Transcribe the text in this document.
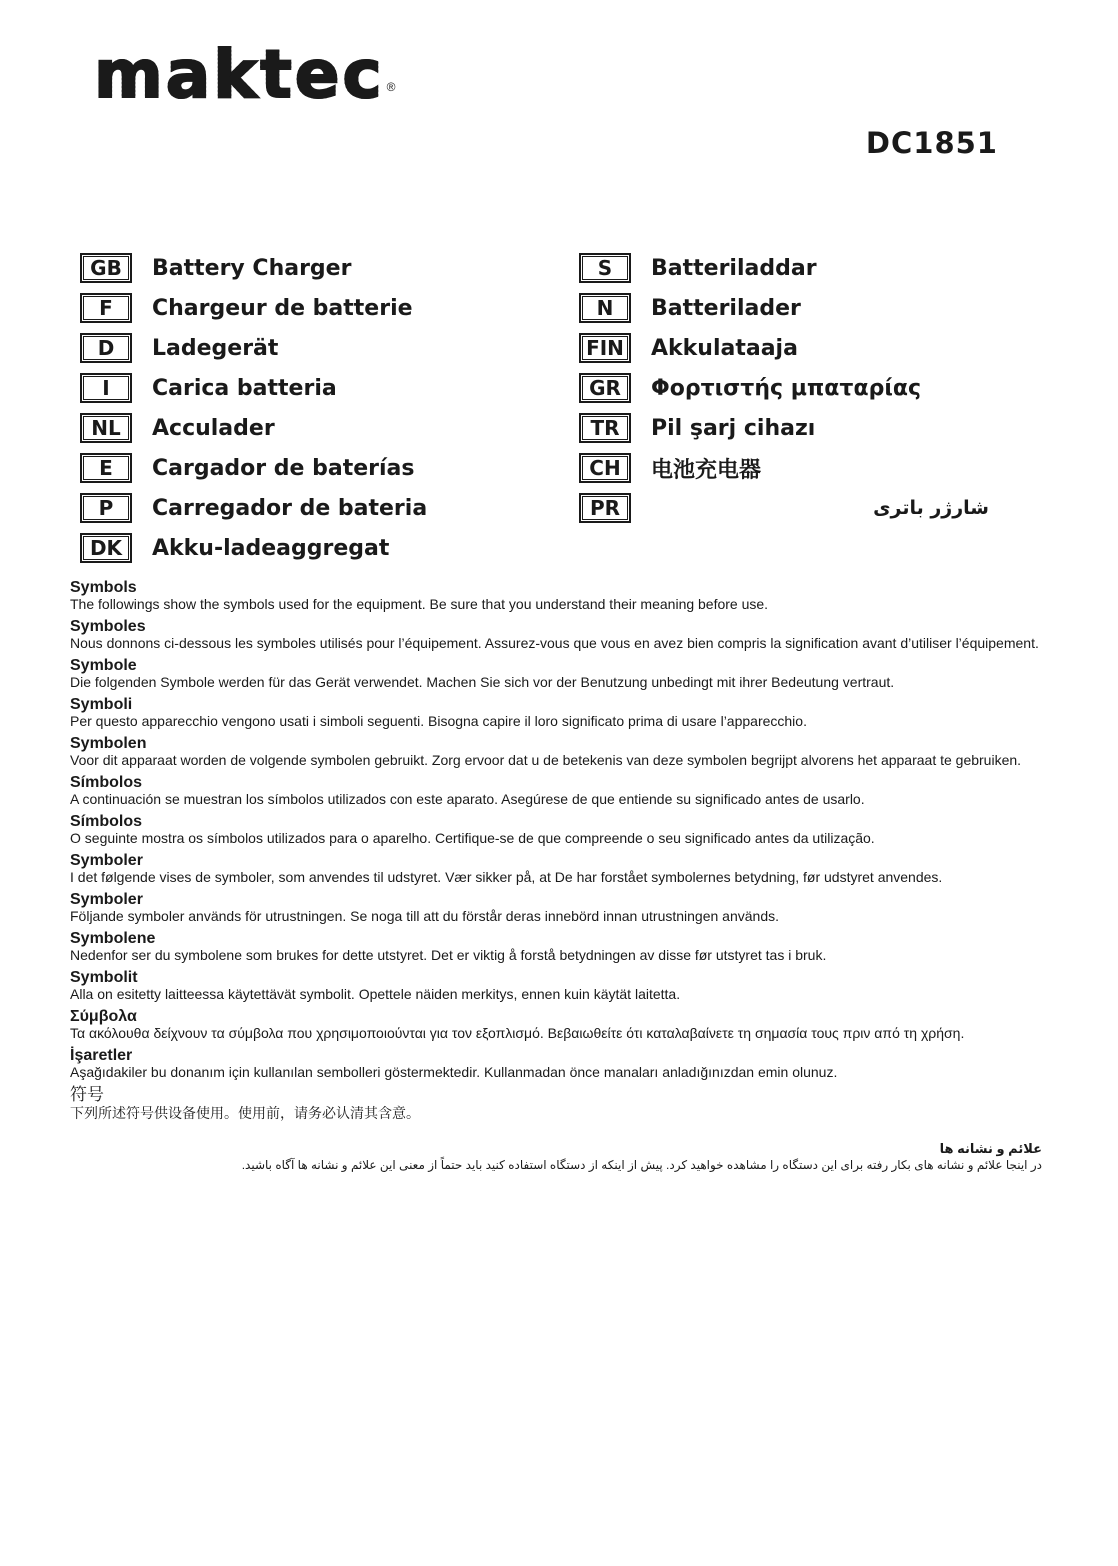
maktec ®
DC1851
GB	Battery Charger
F	Chargeur de batterie
D	Ladegerät
I	Carica batteria
NL	Acculader
E	Cargador de baterías
P	Carregador de bateria
DK	Akku-ladeaggregat
S	Batteriladdar
N	Batterilader
FIN	Akkulataaja
GR	Φορτιστής μπαταρίας
TR	Pil şarj cihazı
CH	电池充电器
PR	شارژر باتری
Symbols
The followings show the symbols used for the equipment. Be sure that you understand their meaning before use.
Symboles
Nous donnons ci-dessous les symboles utilisés pour l’équipement. Assurez-vous que vous en avez bien compris la signification avant d’utiliser l’équipement.
Symbole
Die folgenden Symbole werden für das Gerät verwendet. Machen Sie sich vor der Benutzung unbedingt mit ihrer Bedeutung vertraut.
Symboli
Per questo apparecchio vengono usati i simboli seguenti. Bisogna capire il loro significato prima di usare l’apparecchio.
Symbolen
Voor dit apparaat worden de volgende symbolen gebruikt. Zorg ervoor dat u de betekenis van deze symbolen begrijpt alvorens het apparaat te gebruiken.
Símbolos
A continuación se muestran los símbolos utilizados con este aparato. Asegúrese de que entiende su significado antes de usarlo.
Símbolos
O seguinte mostra os símbolos utilizados para o aparelho. Certifique-se de que compreende o seu significado antes da utilização.
Symboler
I det følgende vises de symboler, som anvendes til udstyret. Vær sikker på, at De har forstået symbolernes betydning, før udstyret anvendes.
Symboler
Följande symboler används för utrustningen. Se noga till att du förstår deras innebörd innan utrustningen används.
Symbolene
Nedenfor ser du symbolene som brukes for dette utstyret. Det er viktig å forstå betydningen av disse før utstyret tas i bruk.
Symbolit
Alla on esitetty laitteessa käytettävät symbolit. Opettele näiden merkitys, ennen kuin käytät laitetta.
Σύμβολα
Τα ακόλουθα δείχνουν τα σύμβολα που χρησιμοποιούνται για τον εξοπλισμό. Βεβαιωθείτε ότι καταλαβαίνετε τη σημασία τους πριν από τη χρήση.
İşaretler
Aşağıdakiler bu donanım için kullanılan sembolleri göstermektedir. Kullanmadan önce manaları anladığınızdan emin olunuz.
符号
下列所述符号供设备使用。使用前，请务必认清其含意。
علائم و نشانه ها
در اینجا علائم و نشانه های بکار رفته برای این دستگاه را مشاهده خواهید کرد. پیش از اینکه از دستگاه استفاده کنید باید حتماً از معنی این علائم و نشانه ها آگاه باشید.
